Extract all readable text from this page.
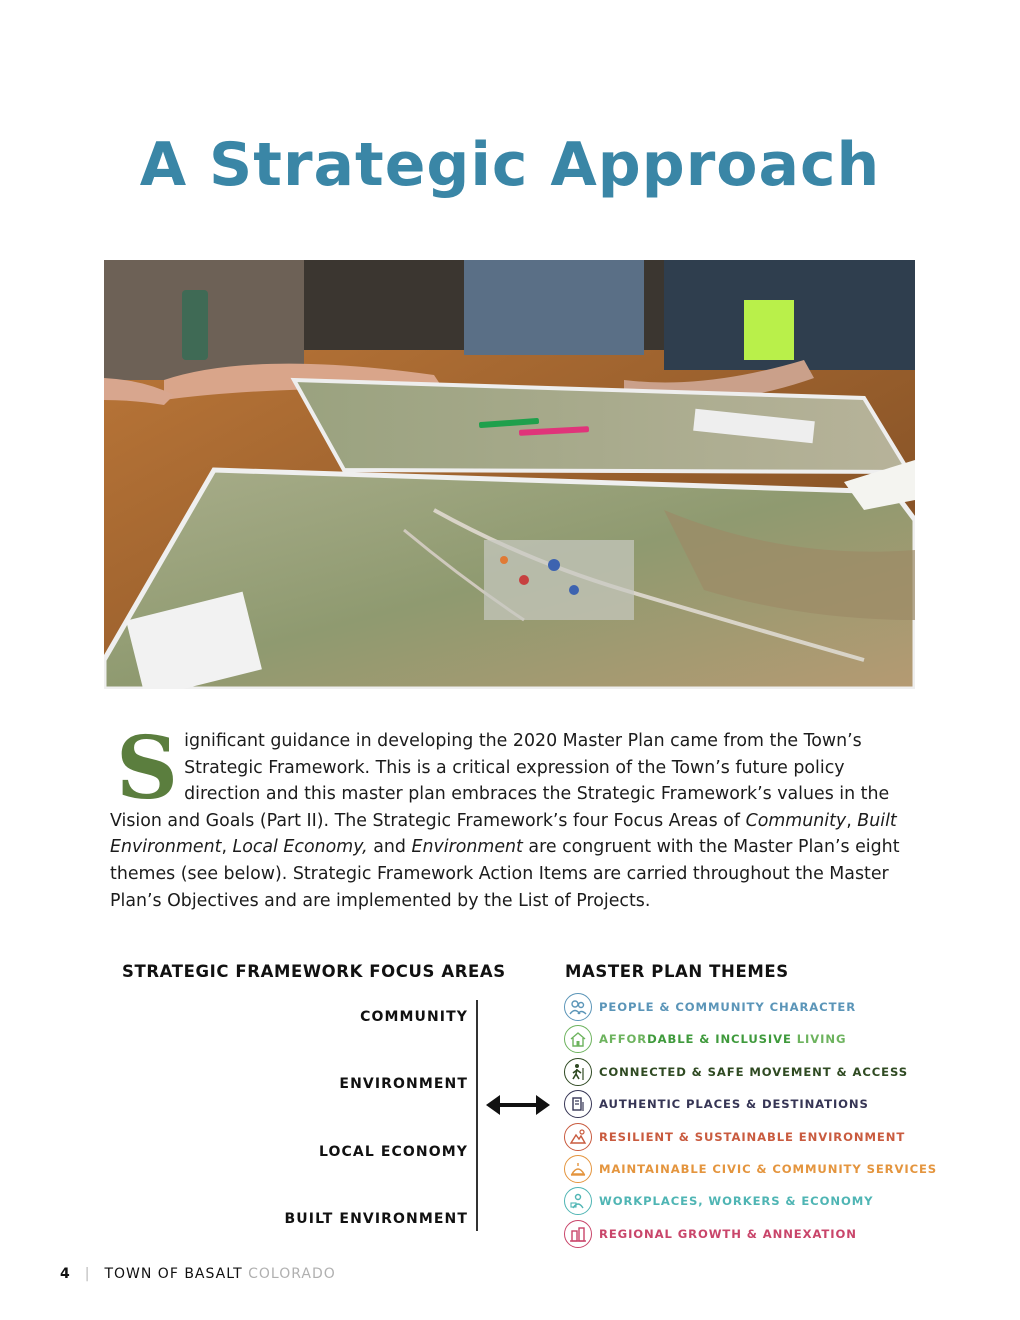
A Strategic Approach

Significant guidance in developing the 2020 Master Plan came from the Town’s Strategic Framework. This is a critical expression of the Town’s future policy direction and this master plan embraces the Strategic Framework’s values in the Vision and Goals (Part II). The Strategic Framework’s four Focus Areas of Community, Built Environment, Local Economy, and Environment are congruent with the Master Plan’s eight themes (see below). Strategic Framework Action Items are carried throughout the Master Plan’s Objectives and are implemented by the List of Projects.

STRATEGIC FRAMEWORK FOCUS AREAS	MASTER PLAN THEMES
COMMUNITY
ENVIRONMENT
LOCAL ECONOMY
BUILT ENVIRONMENT
PEOPLE & COMMUNITY CHARACTER
AFFORDABLE & INCLUSIVE LIVING
CONNECTED & SAFE MOVEMENT & ACCESS
AUTHENTIC PLACES & DESTINATIONS
RESILIENT & SUSTAINABLE ENVIRONMENT
MAINTAINABLE CIVIC & COMMUNITY SERVICES
WORKPLACES, WORKERS & ECONOMY
REGIONAL GROWTH & ANNEXATION
4 | TOWN OF BASALT COLORADO
